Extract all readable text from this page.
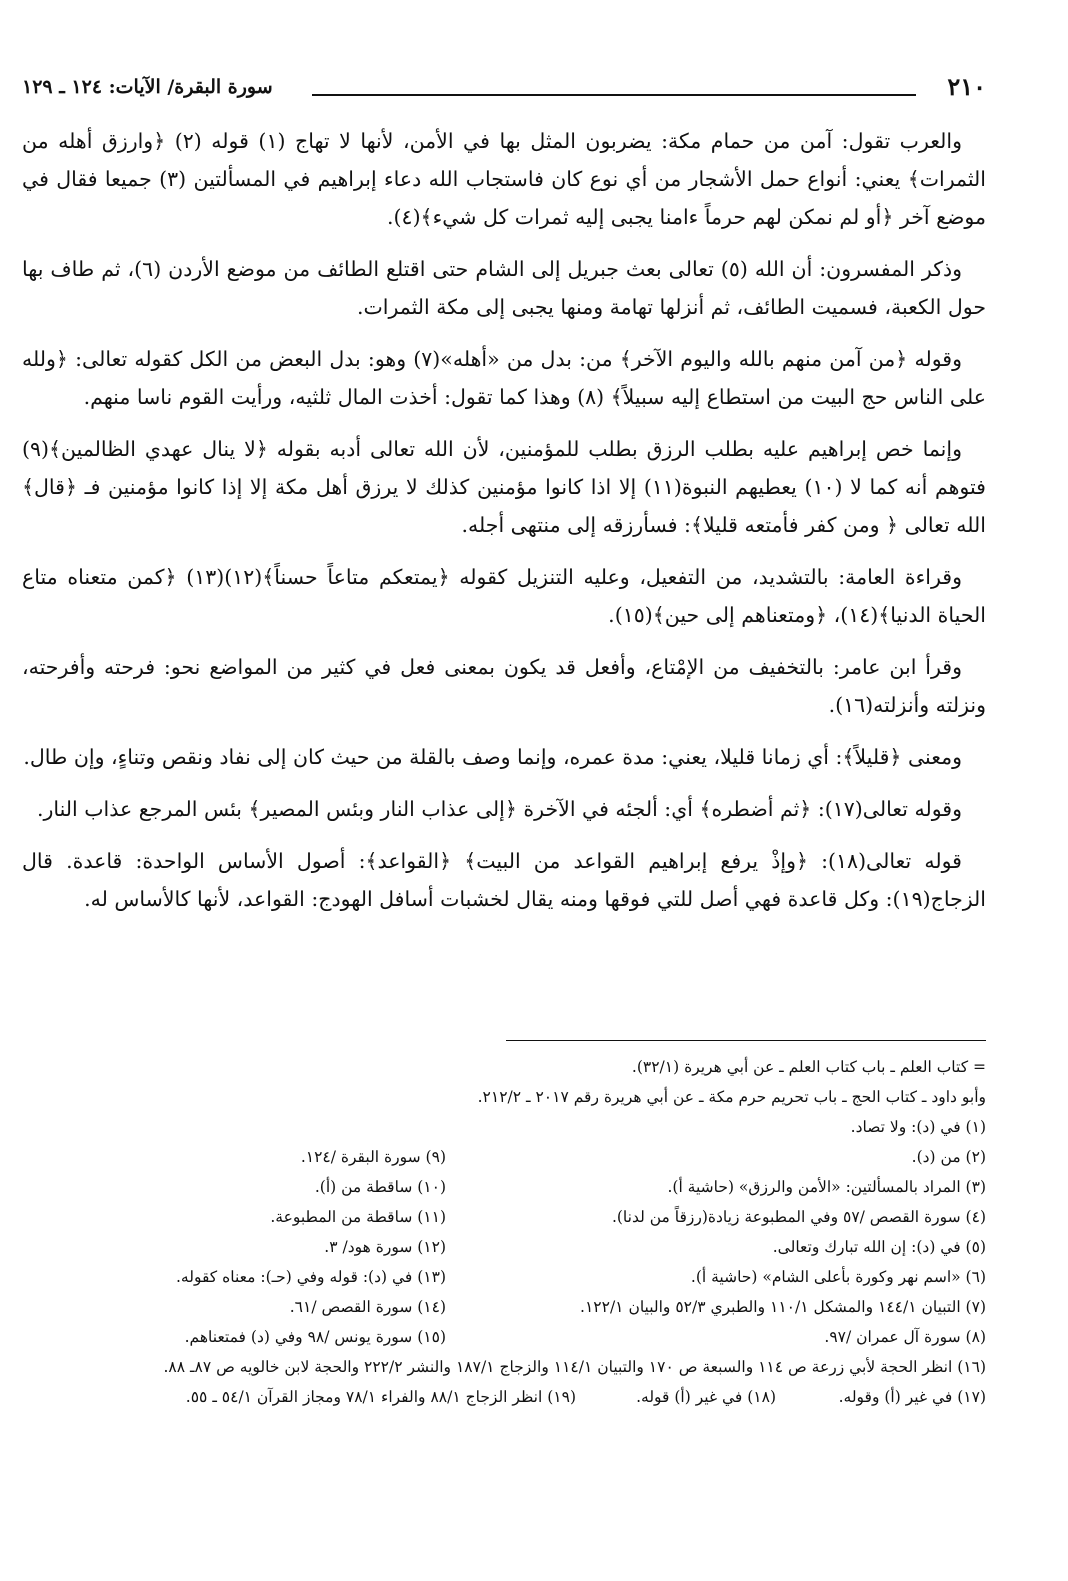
٢١٠
سورة البقرة/ الآيات: ١٢٤ ـ ١٢٩

والعرب تقول: آمن من حمام مكة: يضربون المثل بها في الأمن، لأنها لا تهاج (١) قوله (٢) ﴿وارزق أهله من الثمرات﴾ يعني: أنواع حمل الأشجار من أي نوع كان فاستجاب الله دعاء إبراهيم في المسألتين (٣) جميعا فقال في موضع آخر ﴿أو لم نمكن لهم حرماً ءامنا يجبى إليه ثمرات كل شيء﴾(٤).

وذكر المفسرون: أن الله (٥) تعالى بعث جبريل إلى الشام حتى اقتلع الطائف من موضع الأردن (٦)، ثم طاف بها حول الكعبة، فسميت الطائف، ثم أنزلها تهامة ومنها يجبى إلى مكة الثمرات.

وقوله ﴿من آمن منهم بالله واليوم الآخر﴾ من: بدل من «أهله»(٧) وهو: بدل البعض من الكل كقوله تعالى: ﴿ولله على الناس حج البيت من استطاع إليه سبيلاً﴾ (٨) وهذا كما تقول: أخذت المال ثلثيه، ورأيت القوم ناسا منهم.

وإنما خص إبراهيم عليه بطلب الرزق بطلب للمؤمنين، لأن الله تعالى أدبه بقوله ﴿لا ينال عهدي الظالمين﴾(٩) فتوهم أنه كما لا (١٠) يعطيهم النبوة(١١) إلا اذا كانوا مؤمنين كذلك لا يرزق أهل مكة إلا إذا كانوا مؤمنين فـ ﴿قال﴾ الله تعالى ﴿ ومن كفر فأمتعه قليلا﴾: فسأرزقه إلى منتهى أجله.

وقراءة العامة: بالتشديد، من التفعيل، وعليه التنزيل كقوله ﴿يمتعكم متاعاً حسناً﴾(١٢)(١٣) ﴿كمن متعناه متاع الحياة الدنيا﴾(١٤)، ﴿ومتعناهم إلى حين﴾(١٥).

وقرأ ابن عامر: بالتخفيف من الإمْتاع، وأفعل قد يكون بمعنى فعل في كثير من المواضع نحو: فرحته وأفرحته، ونزلته وأنزلته(١٦).

ومعنى ﴿قليلاً﴾: أي زمانا قليلا، يعني: مدة عمره، وإنما وصف بالقلة من حيث كان إلى نفاد ونقص وتناءٍ، وإن طال.

وقوله تعالى(١٧): ﴿ثم أضطره﴾ أي: ألجئه في الآخرة ﴿إلى عذاب النار وبئس المصير﴾ بئس المرجع عذاب النار.

قوله تعالى(١٨): ﴿وإذْ يرفع إبراهيم القواعد من البيت﴾ ﴿القواعد﴾: أصول الأساس الواحدة: قاعدة. قال الزجاج(١٩): وكل قاعدة فهي أصل للتي فوقها ومنه يقال لخشبات أسافل الهودج: القواعد، لأنها كالأساس له.

= كتاب العلم ـ باب كتاب العلم ـ عن أبي هريرة (٣٢/١).
وأبو داود ـ كتاب الحج ـ باب تحريم حرم مكة ـ عن أبي هريرة رقم ٢٠١٧ ـ ٢١٢/٢.
(١) في (د): ولا تصاد.
(٢) من (د).
(٩) سورة البقرة /١٢٤.
(٣) المراد بالمسألتين: «الأمن والرزق» (حاشية أ).
(١٠) ساقطة من (أ).
(٤) سورة القصص /٥٧ وفي المطبوعة زيادة(رزقاً من لدنا).
(١١) ساقطة من المطبوعة.
(٥) في (د): إن الله تبارك وتعالى.
(١٢) سورة هود/ ٣.
(٦) «اسم نهر وكورة بأعلى الشام» (حاشية أ).
(١٣) في (د): قوله وفي (حـ): معناه كقوله.
(٧) التبيان ١٤٤/١ والمشكل ١١٠/١ والطبري ٥٢/٣ والبيان ١٢٢/١.
(١٤) سورة القصص /٦١.
(٨) سورة آل عمران /٩٧.
(١٥) سورة يونس /٩٨ وفي (د) فمتعناهم.
(١٦) انظر الحجة لأبي زرعة ص ١١٤ والسبعة ص ١٧٠ والتبيان ١١٤/١ والزجاج ١٨٧/١ والنشر ٢٢٢/٢ والحجة لابن خالويه ص ٨٧ـ ٨٨.
(١٧) في غير (أ) وقوله.
(١٨) في غير (أ) قوله.
(١٩) انظر الزجاج ٨٨/١ والفراء ٧٨/١ ومجاز القرآن ٥٤/١ ـ ٥٥.
